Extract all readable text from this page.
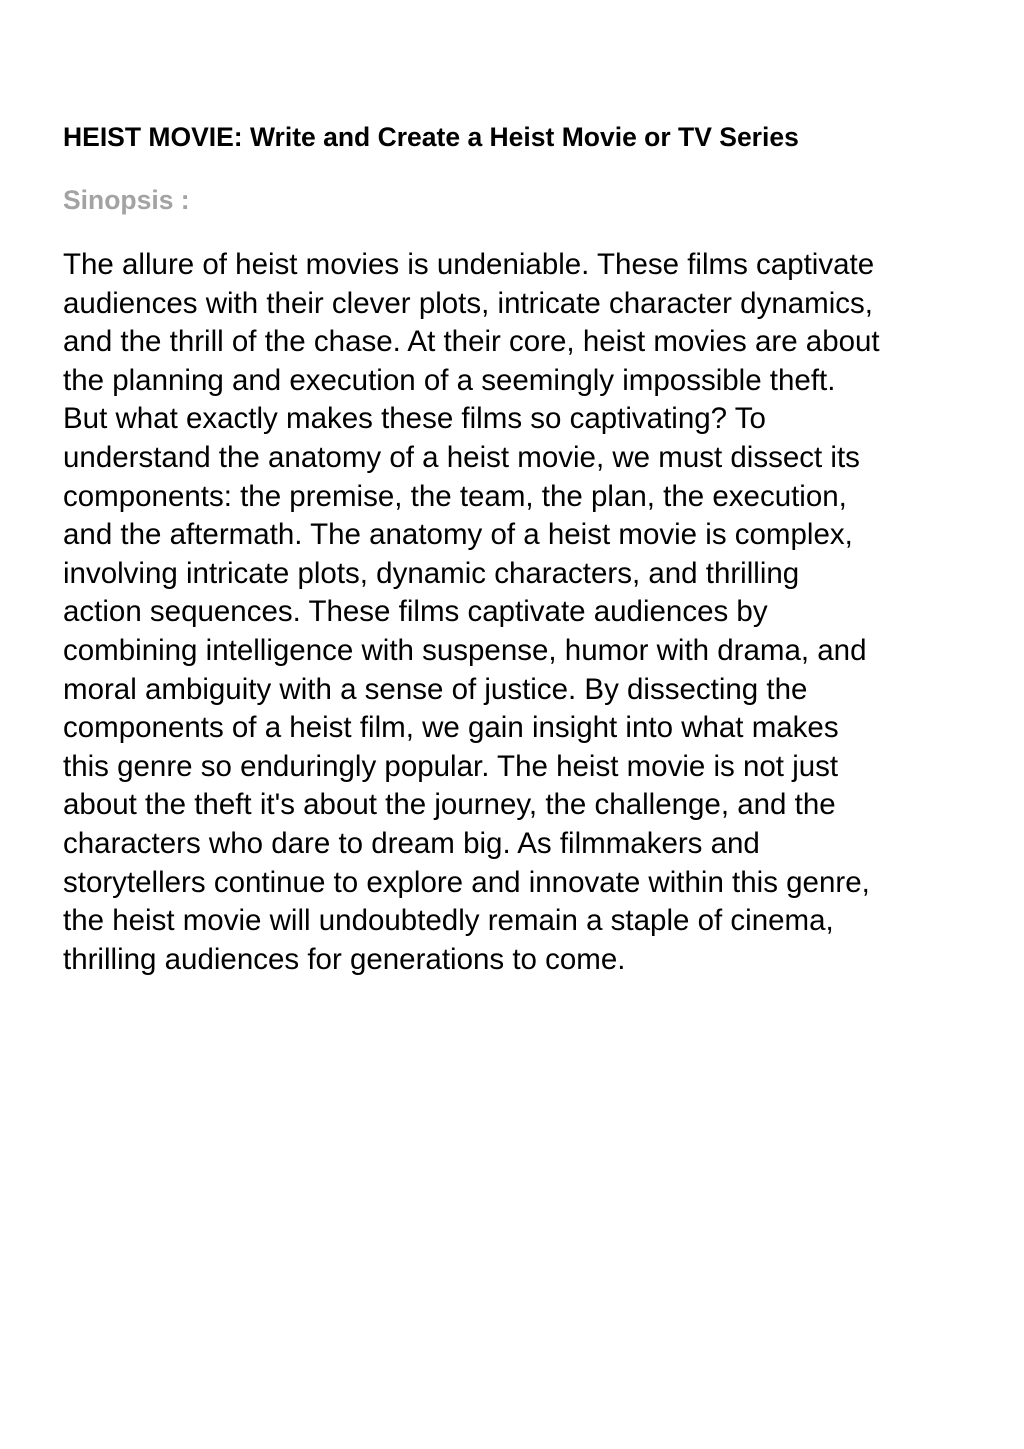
HEIST MOVIE: Write and Create a Heist Movie or TV Series
Sinopsis :

The allure of heist movies is undeniable. These films captivate
audiences with their clever plots, intricate character dynamics,
and the thrill of the chase. At their core, heist movies are about
the planning and execution of a seemingly impossible theft.
But what exactly makes these films so captivating? To
understand the anatomy of a heist movie, we must dissect its
components: the premise, the team, the plan, the execution,
and the aftermath. The anatomy of a heist movie is complex,
involving intricate plots, dynamic characters, and thrilling
action sequences. These films captivate audiences by
combining intelligence with suspense, humor with drama, and
moral ambiguity with a sense of justice. By dissecting the
components of a heist film, we gain insight into what makes
this genre so enduringly popular. The heist movie is not just
about the theft it's about the journey, the challenge, and the
characters who dare to dream big. As filmmakers and
storytellers continue to explore and innovate within this genre,
the heist movie will undoubtedly remain a staple of cinema,
thrilling audiences for generations to come.
